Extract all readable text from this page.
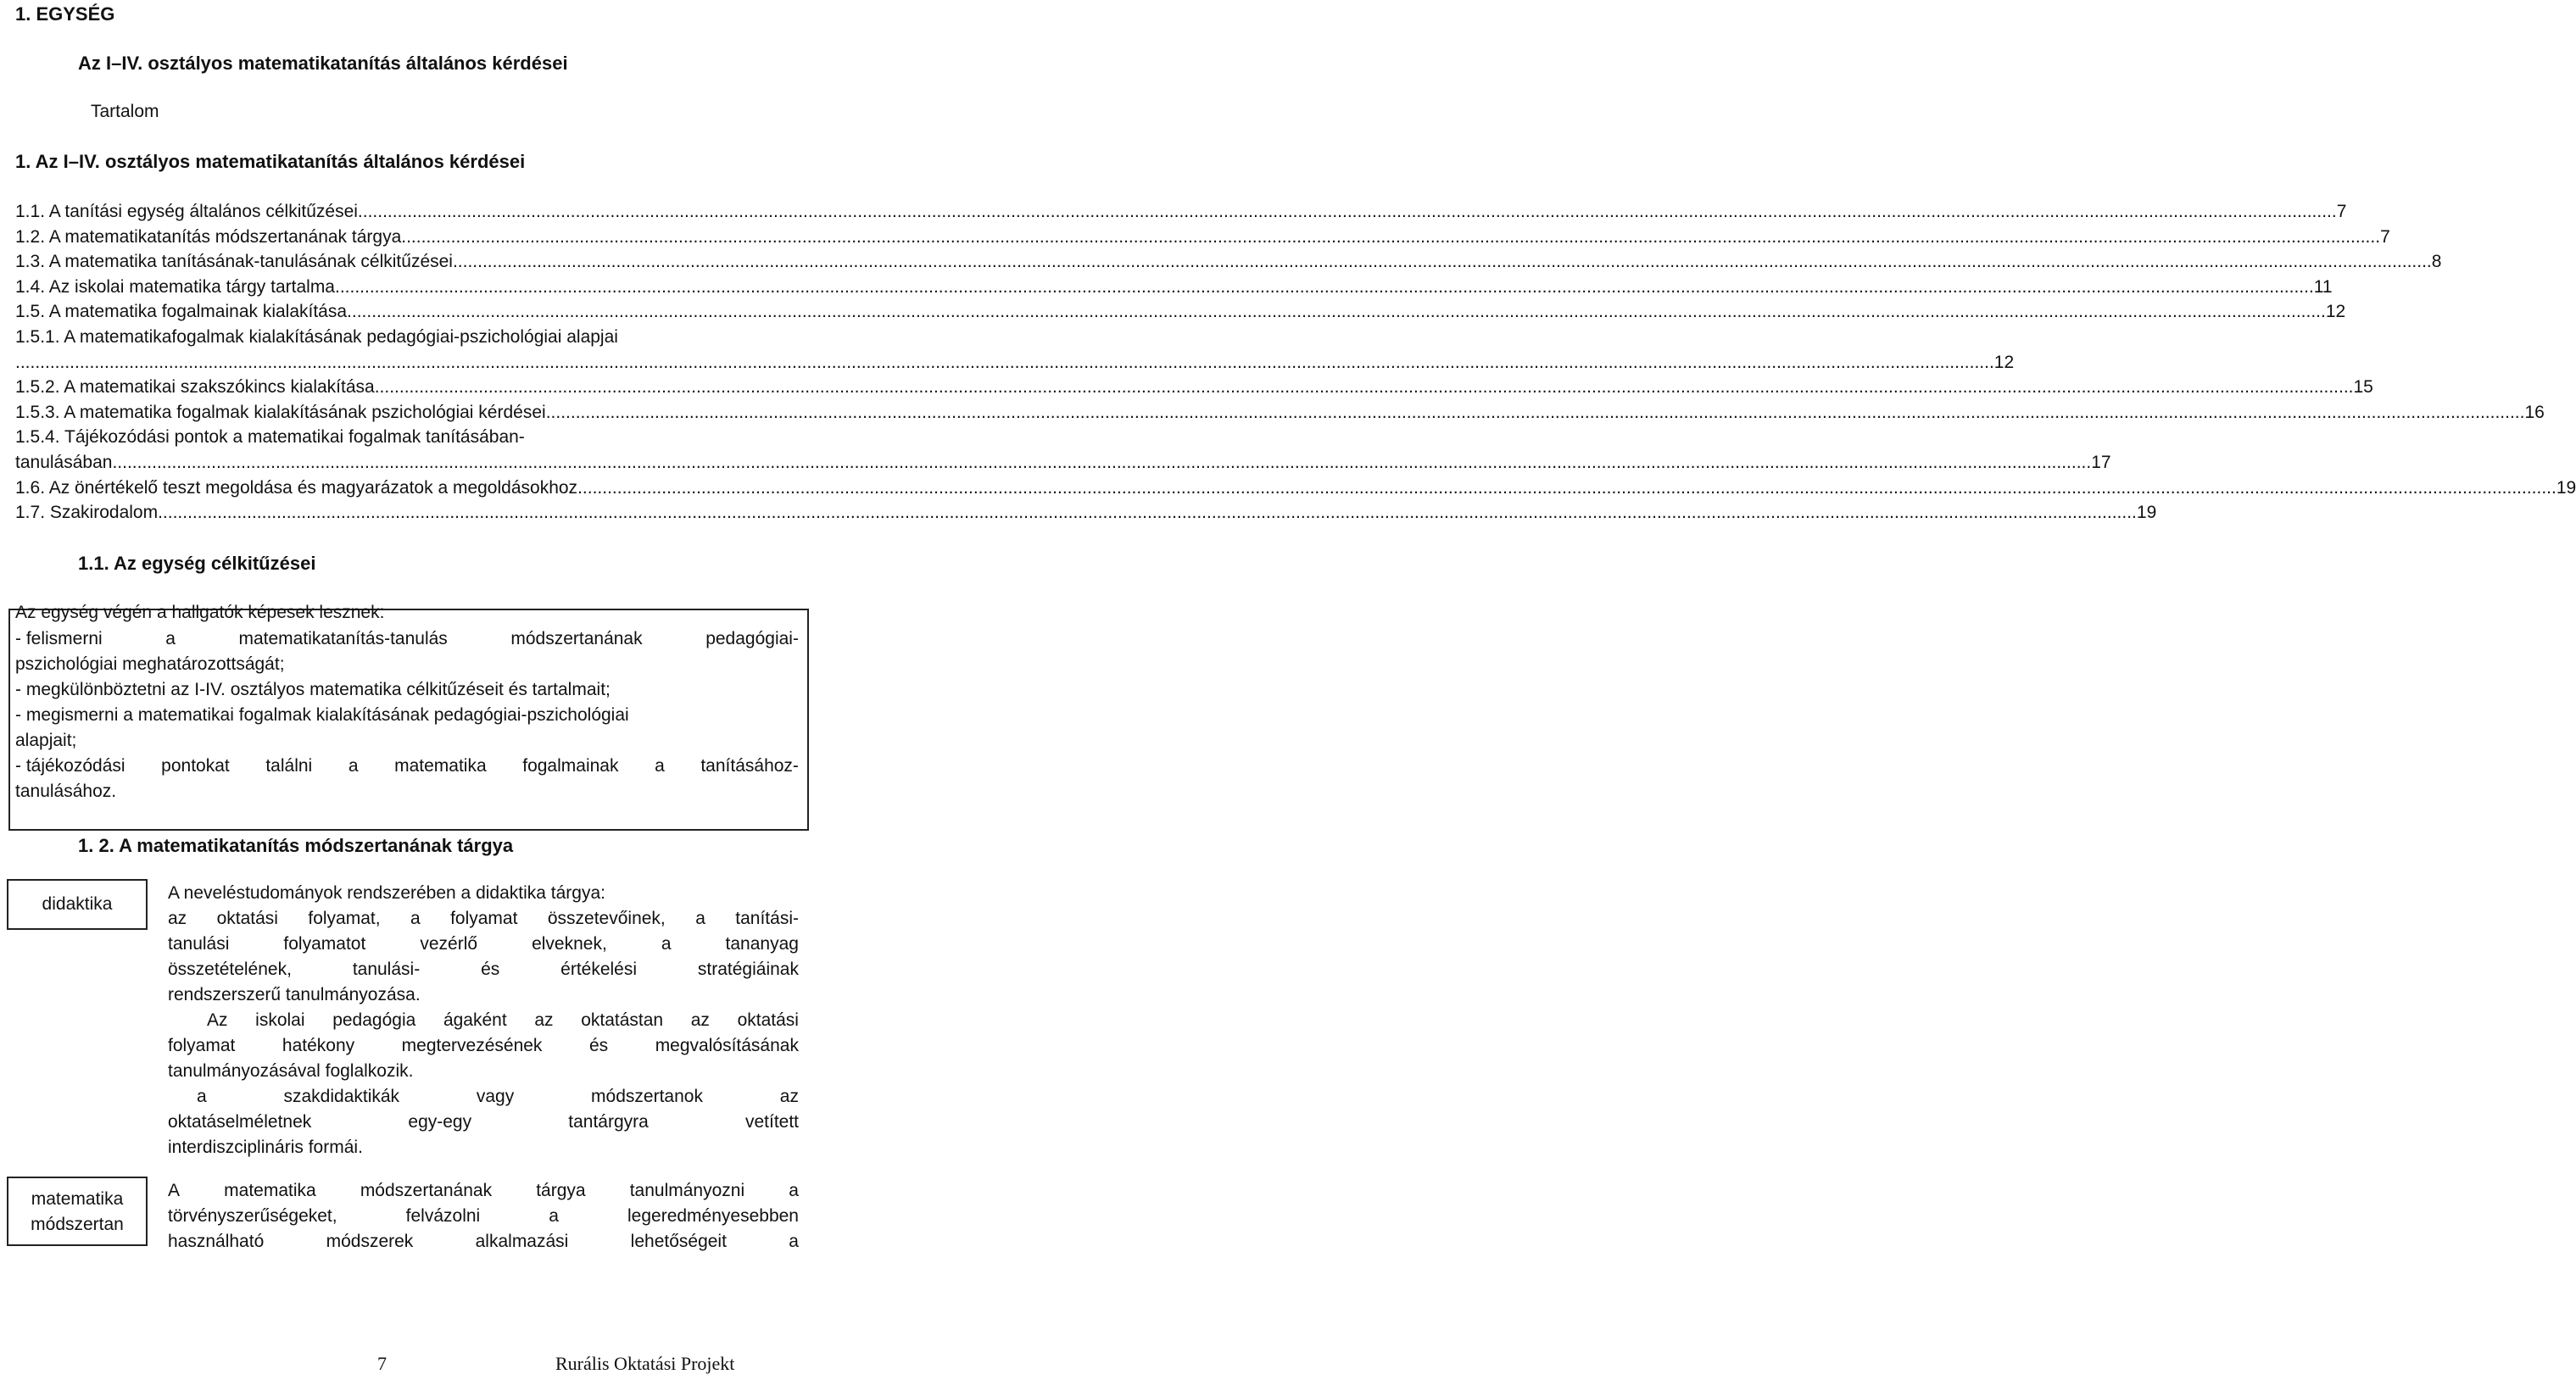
1. EGYSÉG
Az I–IV. osztályos matematikatanítás általános kérdései
Tartalom
1. Az I–IV. osztályos matematikatanítás általános kérdései
1.1. A tanítási egység általános célkitűzései ................................................................................................................................................................................................................................................................................................................................................................................................................ 7
1.2. A matematikatanítás módszertanának tárgya ................................................................................................................................................................................................................................................................................................................................................................................................................ 7
1.3. A matematika tanításának-tanulásának célkitűzései ................................................................................................................................................................................................................................................................................................................................................................................................................ 8
1.4. Az iskolai matematika tárgy tartalma ................................................................................................................................................................................................................................................................................................................................................................................................................ 11
1.5. A matematika fogalmainak kialakítása ................................................................................................................................................................................................................................................................................................................................................................................................................ 12
1.5.1. A matematikafogalmak kialakításának pedagógiai-pszichológiai alapjai
................................................................................................................................................................................................................................................................................................................................................................................................................ 12
1.5.2. A matematikai szakszókincs kialakítása ................................................................................................................................................................................................................................................................................................................................................................................................................ 15
1.5.3. A matematika fogalmak kialakításának pszichológiai kérdései ................................................................................................................................................................................................................................................................................................................................................................................................................ 16
1.5.4. Tájékozódási pontok a matematikai fogalmak tanításában-
tanulásában ................................................................................................................................................................................................................................................................................................................................................................................................................ 17
1.6. Az önértékelő teszt megoldása és magyarázatok a megoldásokhoz ................................................................................................................................................................................................................................................................................................................................................................................................................ 19
1.7. Szakirodalom ................................................................................................................................................................................................................................................................................................................................................................................................................ 19
1.1. Az egység célkitűzései
Az egység végén a hallgatók képesek lesznek:
- felismerni	a	matematikatanítás-tanulás	módszertanának	pedagógiai-
pszichológiai meghatározottságát;
- megkülönböztetni az I-IV. osztályos matematika célkitűzéseit és tartalmait;
- megismerni a matematikai fogalmak kialakításának pedagógiai-pszichológiai
alapjait;
- tájékozódási pontokat találni a matematika fogalmainak a tanításához-
tanulásához.
1. 2. A matematikatanítás módszertanának tárgya
didaktika
A neveléstudományok rendszerében a didaktika tárgya:
az oktatási folyamat, a folyamat összetevőinek, a tanítási-
tanulási	folyamatot	vezérlő	elveknek,	a	tananyag
összetételének,	tanulási-	és	értékelési	stratégiáinak
rendszerszerű tanulmányozása.
Az iskolai pedagógia ágaként az oktatástan az oktatási
folyamat	hatékony	megtervezésének	és	megvalósításának
tanulmányozásával foglalkozik.
a	szakdidaktikák	vagy	módszertanok	az
oktatáselméletnek	egy-egy	tantárgyra	vetített
interdiszciplináris formái.
matematika
módszertan
A matematika módszertanának tárgya tanulmányozni a
törvényszerűségeket,	felvázolni	a	legeredményesebben
használható	módszerek	alkalmazási	lehetőségeit	a
7	Rurális Oktatási Projekt
